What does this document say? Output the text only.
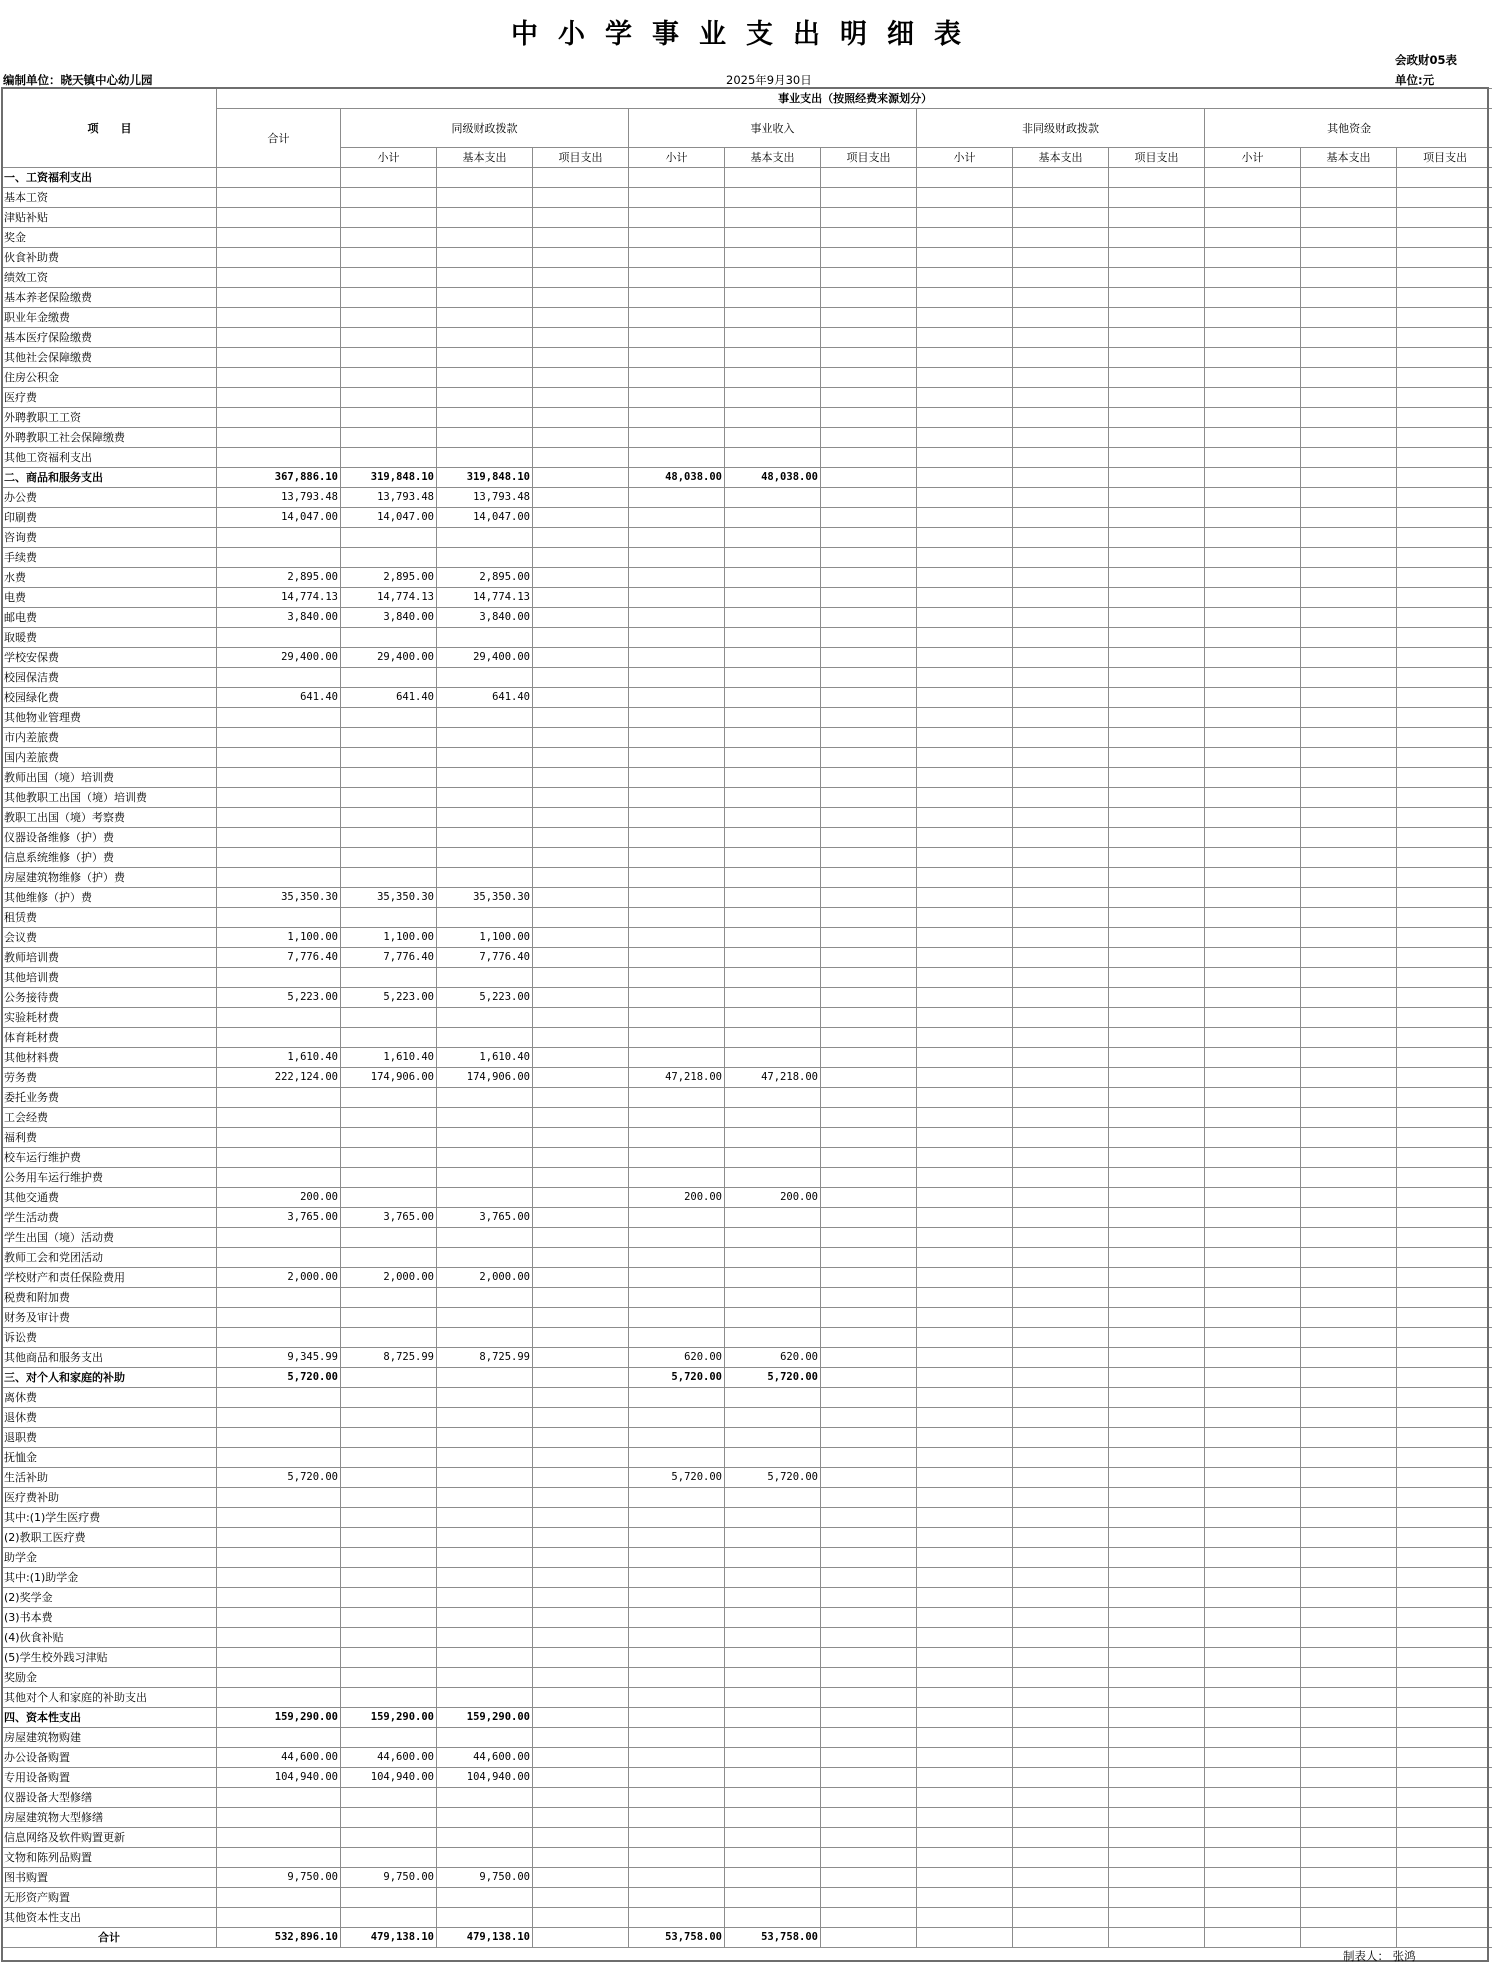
中小学事业支出明细表
会政财05表
编制单位：晓天镇中心幼儿园	2025年9月30日	单位:元
项　　目	事业支出（按照经费来源划分）													
	合计	同级财政拨款			事业收入			非同级财政拨款			其他资金			
		小计	基本支出	项目支出	小计	基本支出	项目支出	小计	基本支出	项目支出	小计	基本支出	项目支出	
一、工资福利支出														
基本工资														
津贴补贴														
奖金														
伙食补助费														
绩效工资														
基本养老保险缴费														
职业年金缴费														
基本医疗保险缴费														
其他社会保障缴费														
住房公积金														
医疗费														
外聘教职工工资														
外聘教职工社会保障缴费														
其他工资福利支出														
二、商品和服务支出	367,886.10	319,848.10	319,848.10		48,038.00	48,038.00								
办公费	13,793.48	13,793.48	13,793.48											
印刷费	14,047.00	14,047.00	14,047.00											
咨询费														
手续费														
水费	2,895.00	2,895.00	2,895.00											
电费	14,774.13	14,774.13	14,774.13											
邮电费	3,840.00	3,840.00	3,840.00											
取暖费														
学校安保费	29,400.00	29,400.00	29,400.00											
校园保洁费														
校园绿化费	641.40	641.40	641.40											
其他物业管理费														
市内差旅费														
国内差旅费														
教师出国（境）培训费														
其他教职工出国（境）培训费														
教职工出国（境）考察费														
仪器设备维修（护）费														
信息系统维修（护）费														
房屋建筑物维修（护）费														
其他维修（护）费	35,350.30	35,350.30	35,350.30											
租赁费														
会议费	1,100.00	1,100.00	1,100.00											
教师培训费	7,776.40	7,776.40	7,776.40											
其他培训费														
公务接待费	5,223.00	5,223.00	5,223.00											
实验耗材费														
体育耗材费														
其他材料费	1,610.40	1,610.40	1,610.40											
劳务费	222,124.00	174,906.00	174,906.00		47,218.00	47,218.00								
委托业务费														
工会经费														
福利费														
校车运行维护费														
公务用车运行维护费														
其他交通费	200.00				200.00	200.00								
学生活动费	3,765.00	3,765.00	3,765.00											
学生出国（境）活动费														
教师工会和党团活动														
学校财产和责任保险费用	2,000.00	2,000.00	2,000.00											
税费和附加费														
财务及审计费														
诉讼费														
其他商品和服务支出	9,345.99	8,725.99	8,725.99		620.00	620.00								
三、对个人和家庭的补助	5,720.00				5,720.00	5,720.00								
离休费														
退休费														
退职费														
抚恤金														
生活补助	5,720.00				5,720.00	5,720.00								
医疗费补助														
其中:(1)学生医疗费														
(2)教职工医疗费														
助学金														
其中:(1)助学金														
(2)奖学金														
(3)书本费														
(4)伙食补贴														
(5)学生校外践习津贴														
奖励金														
其他对个人和家庭的补助支出														
四、资本性支出	159,290.00	159,290.00	159,290.00											
房屋建筑物购建														
办公设备购置	44,600.00	44,600.00	44,600.00											
专用设备购置	104,940.00	104,940.00	104,940.00											
仪器设备大型修缮														
房屋建筑物大型修缮														
信息网络及软件购置更新														
文物和陈列品购置														
图书购置	9,750.00	9,750.00	9,750.00											
无形资产购置														
其他资本性支出														
合计	532,896.10	479,138.10	479,138.10		53,758.00	53,758.00								
制表人： 张鸿
